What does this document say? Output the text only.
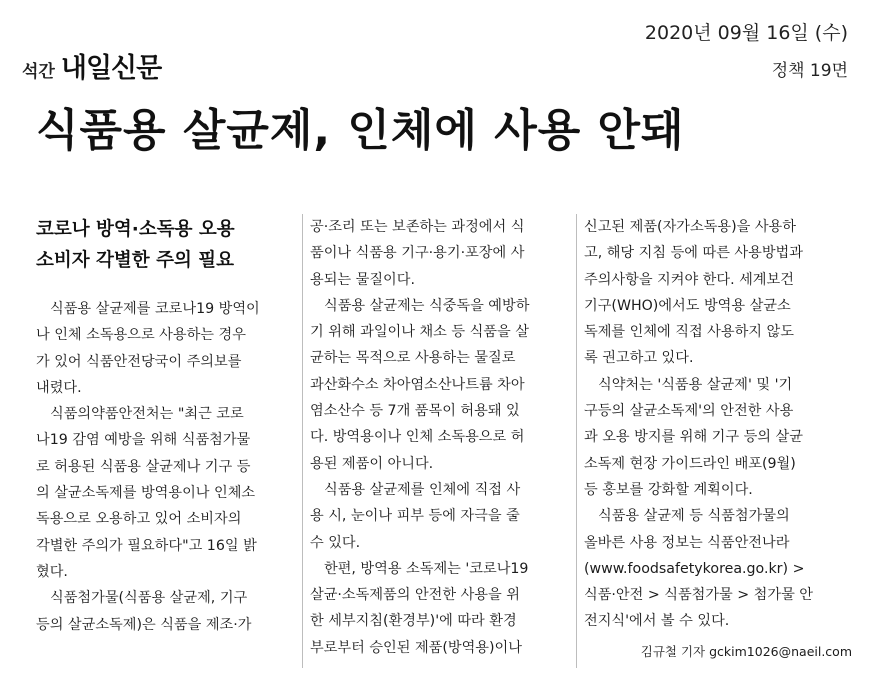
석간 내일신문
2020년 09월 16일 (수)
정책 19면
식품용 살균제, 인체에 사용 안돼
코로나 방역·소독용 오용
소비자 각별한 주의 필요

식품용 살균제를 코로나19 방역이

나 인체 소독용으로 사용하는 경우

가 있어 식품안전당국이 주의보를

내렸다.

식품의약품안전처는 "최근 코로

나19 감염 예방을 위해 식품첨가물

로 허용된 식품용 살균제나 기구 등

의 살균소독제를 방역용이나 인체소

독용으로 오용하고 있어 소비자의

각별한 주의가 필요하다"고 16일 밝

혔다.

식품첨가물(식품용 살균제, 기구

등의 살균소독제)은 식품을 제조·가

공·조리 또는 보존하는 과정에서 식

품이나 식품용 기구·용기·포장에 사

용되는 물질이다.

식품용 살균제는 식중독을 예방하

기 위해 과일이나 채소 등 식품을 살

균하는 목적으로 사용하는 물질로

과산화수소 차아염소산나트륨 차아

염소산수 등 7개 품목이 허용돼 있

다. 방역용이나 인체 소독용으로 허

용된 제품이 아니다.

식품용 살균제를 인체에 직접 사

용 시, 눈이나 피부 등에 자극을 줄

수 있다.

한편, 방역용 소독제는 '코로나19

살균·소독제품의 안전한 사용을 위

한 세부지침(환경부)'에 따라 환경

부로부터 승인된 제품(방역용)이나

신고된 제품(자가소독용)을 사용하

고, 해당 지침 등에 따른 사용방법과

주의사항을 지켜야 한다. 세계보건

기구(WHO)에서도 방역용 살균소

독제를 인체에 직접 사용하지 않도

록 권고하고 있다.

식약처는 '식품용 살균제' 및 '기

구등의 살균소독제'의 안전한 사용

과 오용 방지를 위해 기구 등의 살균

소독제 현장 가이드라인 배포(9월)

등 홍보를 강화할 계획이다.

식품용 살균제 등 식품첨가물의

올바른 사용 정보는 식품안전나라

(www.foodsafetykorea.go.kr) >

식품·안전 > 식품첨가물 > 첨가물 안

전지식'에서 볼 수 있다.

김규철 기자 gckim1026@naeil.com
